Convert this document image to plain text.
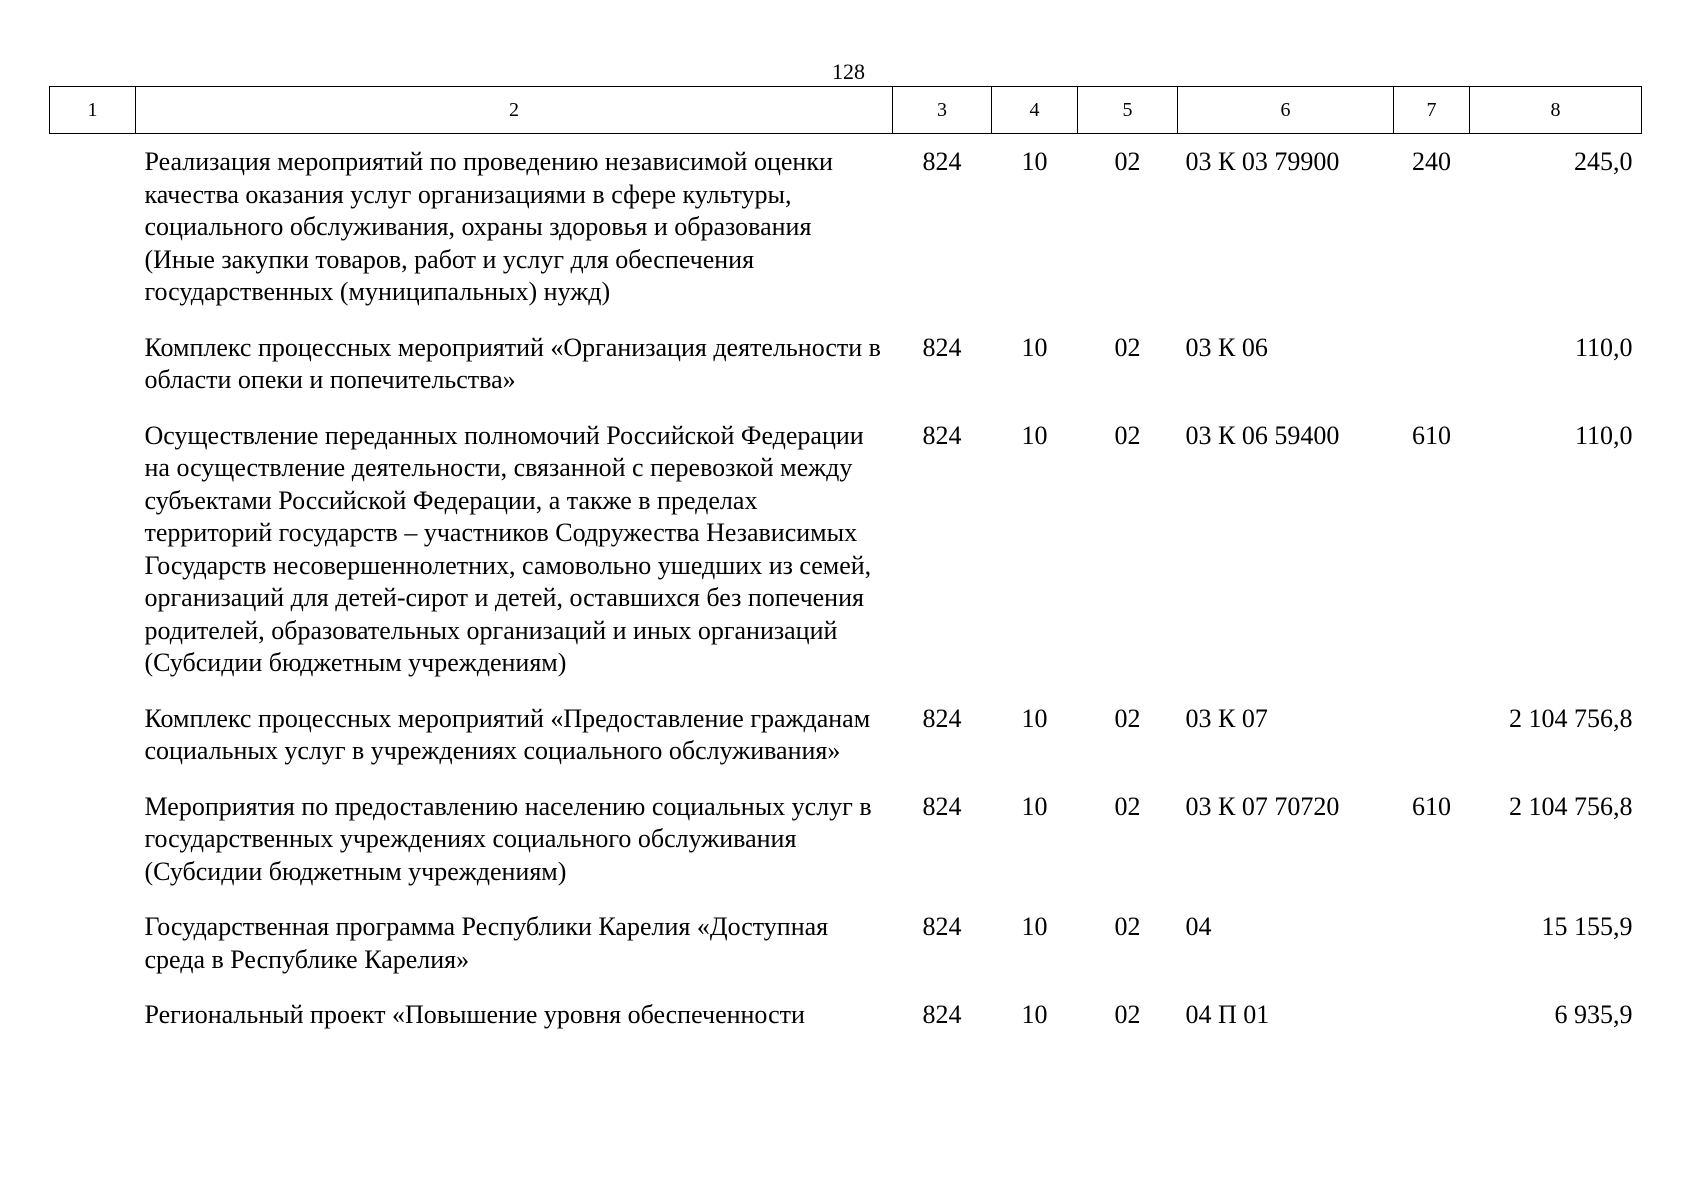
128
1	2	3	4	5	6	7	8
	Реализация мероприятий по проведению независимой оценки качества оказания услуг организациями в сфере культуры, социального обслуживания, охраны здоровья и образования (Иные закупки товаров, работ и услуг для обеспечения государственных (муниципальных) нужд)	824	10	02	03 К 03 79900	240	245,0
	Комплекс процессных мероприятий «Организация деятельности в области опеки и попечительства»	824	10	02	03 К 06		110,0
	Осуществление переданных полномочий Российской Федерации на осуществление деятельности, связанной с перевозкой между субъектами Российской Федерации, а также в пределах территорий государств – участников Содружества Независимых Государств несовершеннолетних, самовольно ушедших из семей, организаций для детей-сирот и детей, оставшихся без попечения родителей, образовательных организаций и иных организаций (Субсидии бюджетным учреждениям)	824	10	02	03 К 06 59400	610	110,0
	Комплекс процессных мероприятий «Предоставление гражданам социальных услуг в учреждениях социального обслуживания»	824	10	02	03 К 07		2 104 756,8
	Мероприятия по предоставлению населению социальных услуг в государственных учреждениях социального обслуживания (Субсидии бюджетным учреждениям)	824	10	02	03 К 07 70720	610	2 104 756,8
	Государственная программа Республики Карелия «Доступная среда в Республике Карелия»	824	10	02	04		15 155,9
	Региональный проект «Повышение уровня обеспеченности	824	10	02	04 П 01		6 935,9
